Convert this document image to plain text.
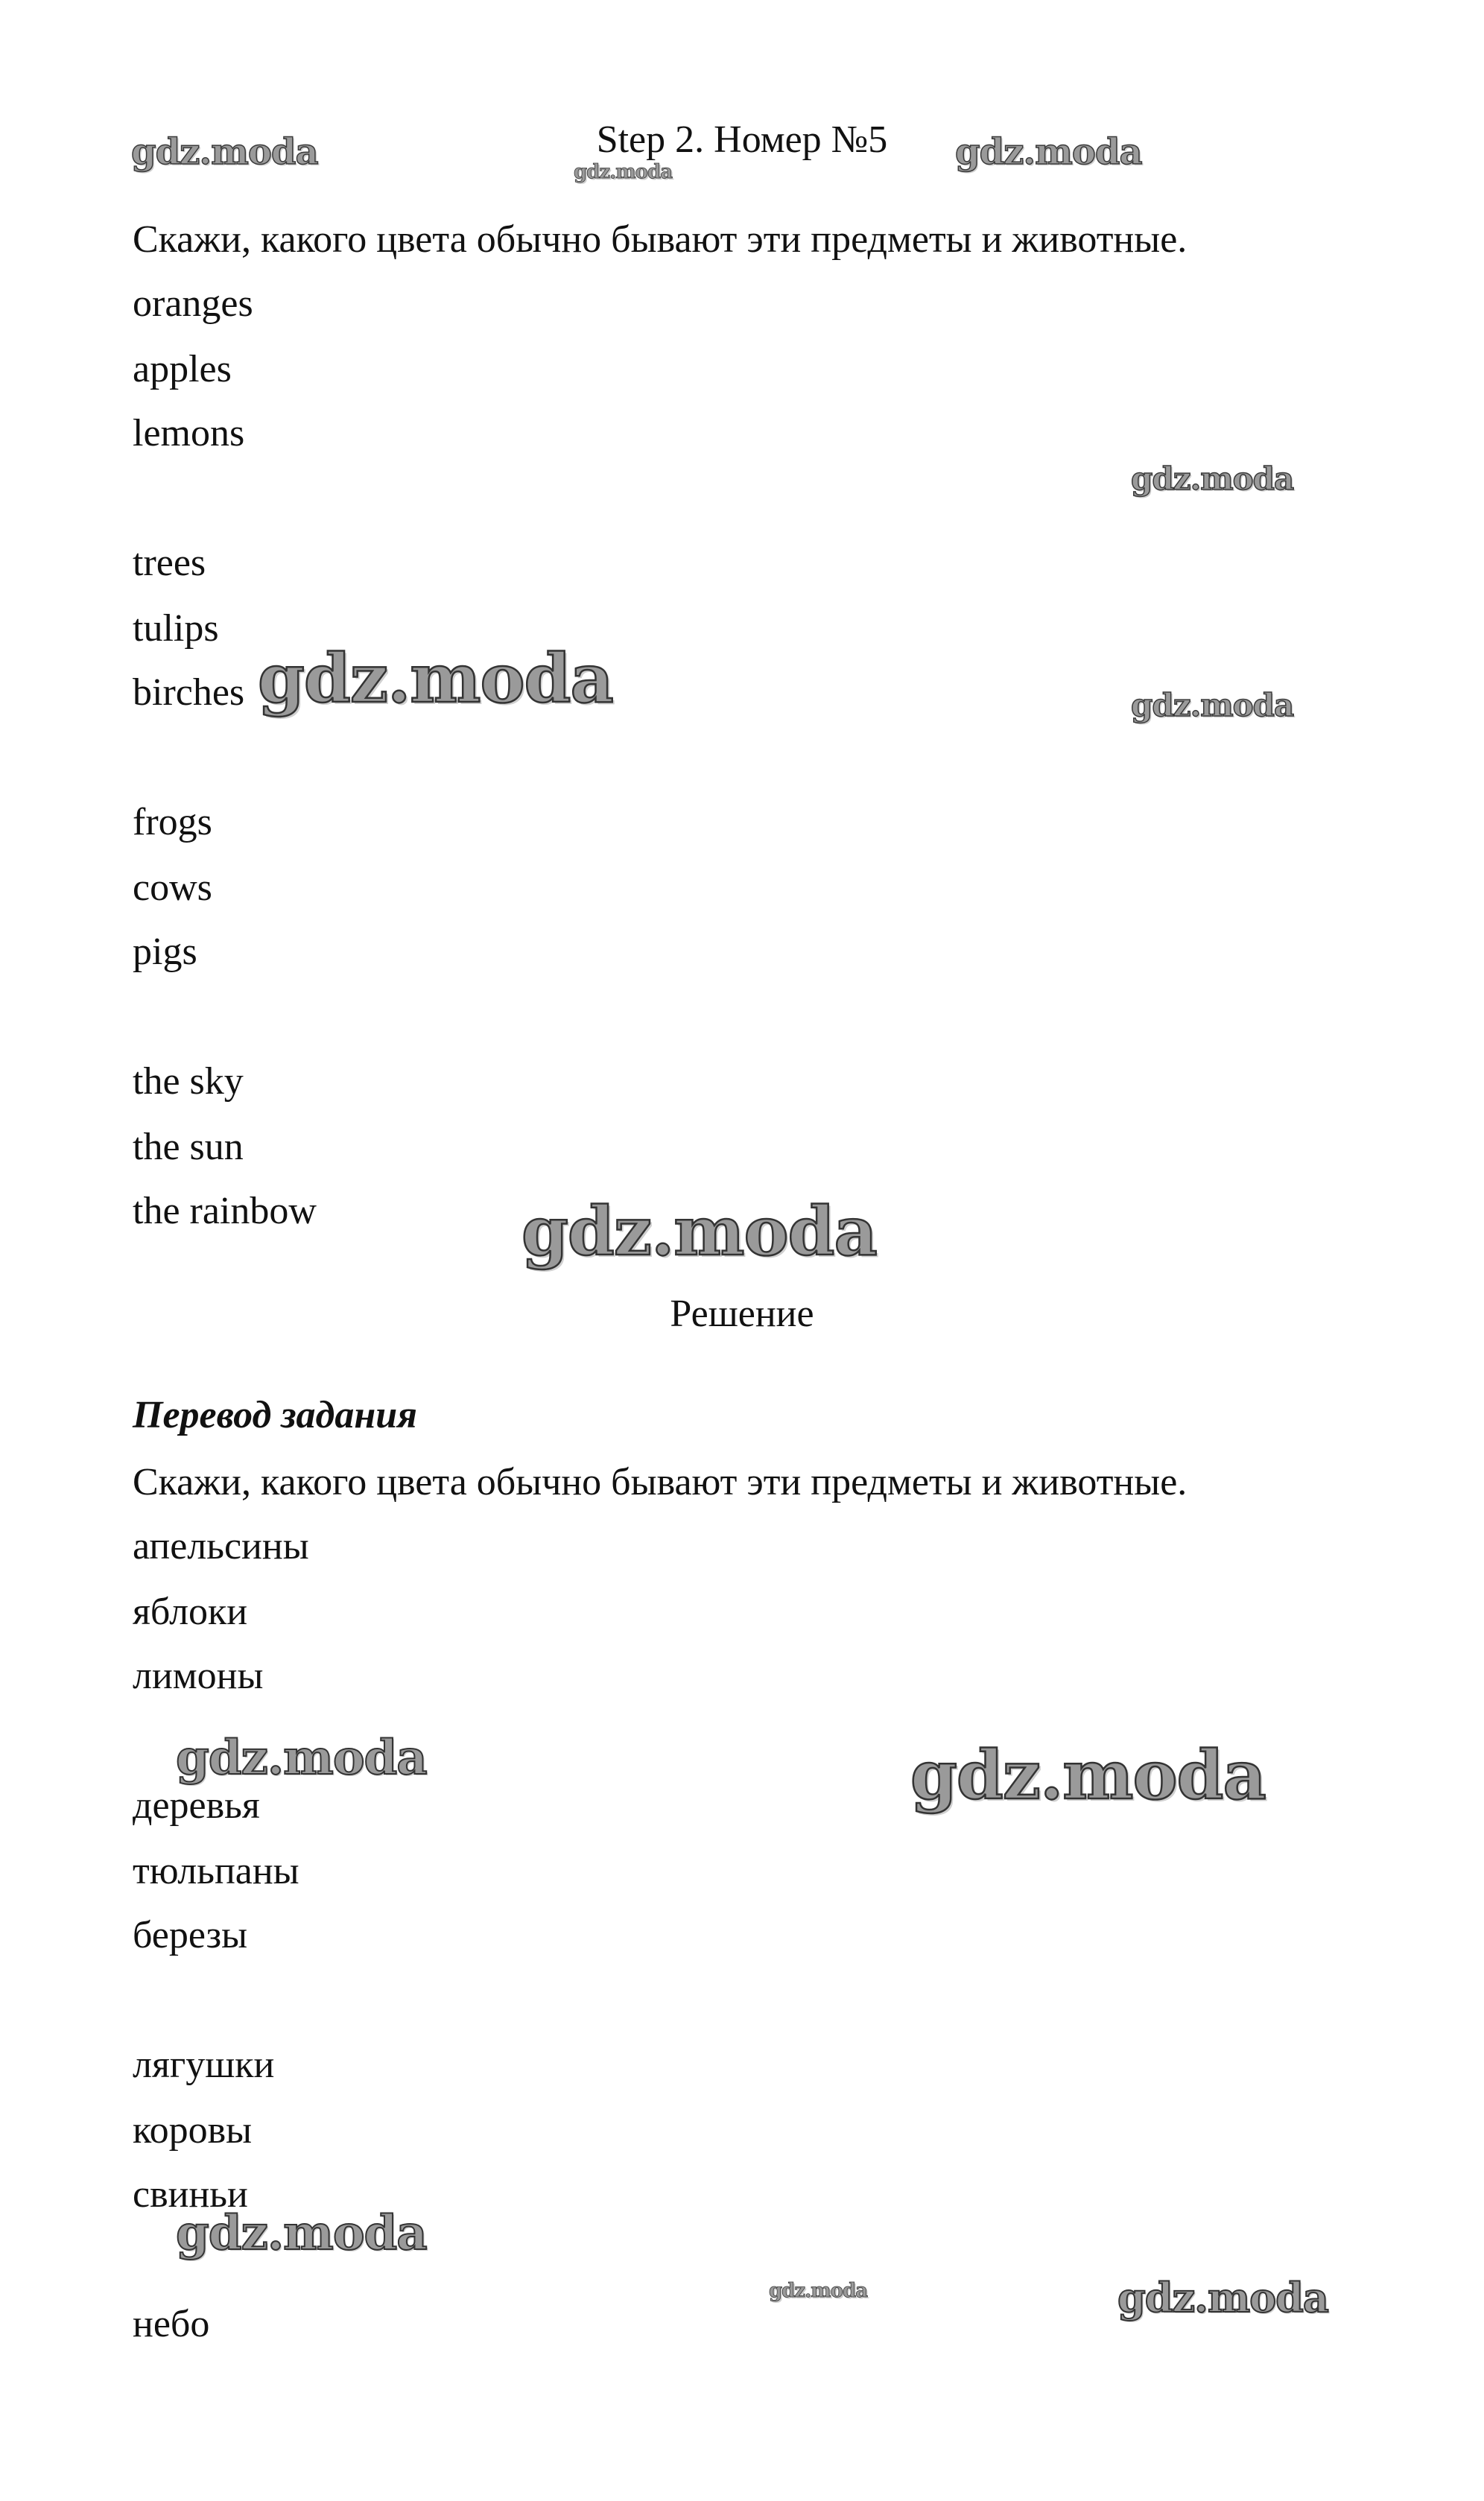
Step 2. Номер №5
Скажи, какого цвета обычно бывают эти предметы и животные.
oranges
apples
lemons
trees
tulips
birches
frogs
cows
pigs
the sky
the sun
the rainbow
Решение
Перевод задания
Скажи, какого цвета обычно бывают эти предметы и животные.
апельсины
яблоки
лимоны
деревья
тюльпаны
березы
лягушки
коровы
свиньи
небо
gdz.moda	gdz.moda	gdz.moda
gdz.moda
gdz.moda	gdz.moda
gdz.moda
gdz.moda	gdz.moda
gdz.moda
gdz.moda	gdz.moda
